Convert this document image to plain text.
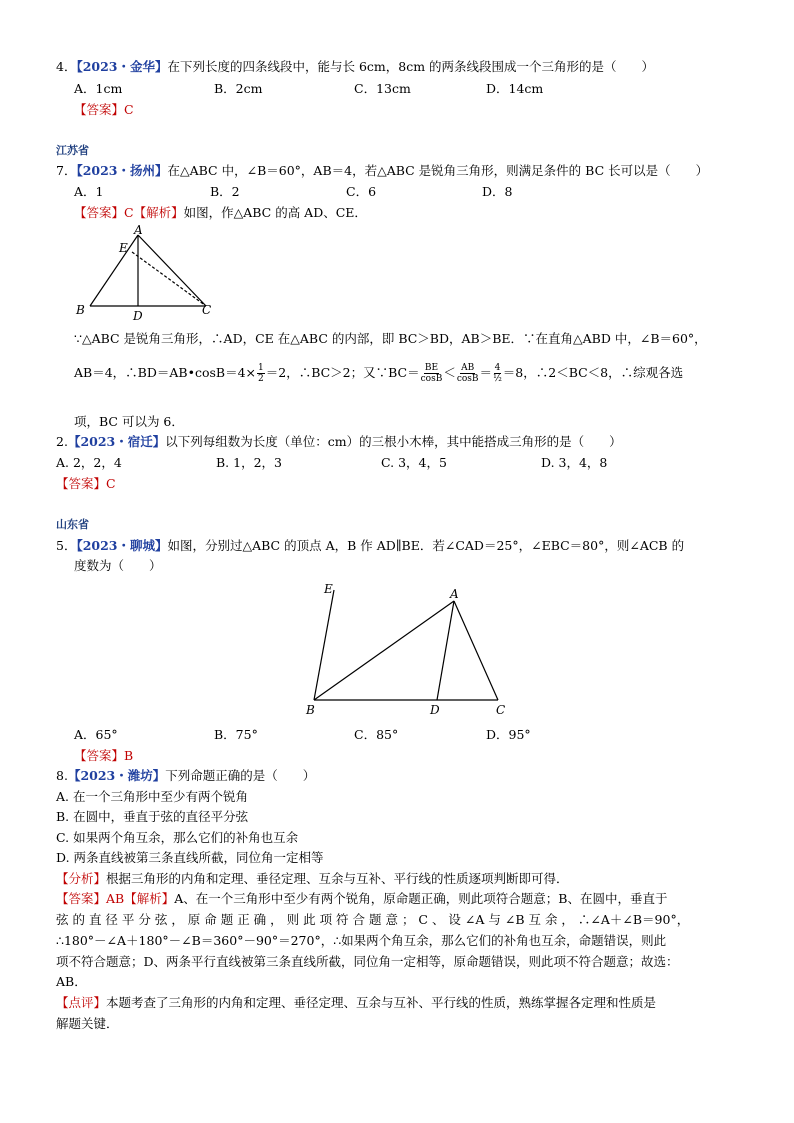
4．【2023・金华】在下列长度的四条线段中，能与长 6cm，8cm 的两条线段围成一个三角形的是（　　）
A．1cm	B．2cm	C．13cm	D．14cm
【答案】C
江苏省
7．【2023・扬州】在△ABC 中，∠B＝60°，AB＝4，若△ABC 是锐角三角形，则满足条件的 BC 长可以是（　　）
A．1	B．2	C．6	D．8
【答案】C【解析】如图，作△ABC 的高 AD、CE．
A
E
B	D	C
∵△ABC 是锐角三角形，∴AD，CE 在△ABC 的内部，即 BC＞BD，AB＞BE．∵在直角△ABD 中，∠B＝60°，
AB＝4，∴BD＝AB•cosB＝4× $\frac{1}{2} =2$，∴BC＞2；又∵BC＝ $\frac{BE}{\cos B} < \frac{AB}{\cos B} = \frac{4}{\text{½}} =8$，∴2＜BC＜8，∴综观各选
项，BC 可以为 6．
2.【2023・宿迁】以下列每组数为长度（单位：cm）的三根小木棒，其中能搭成三角形的是（　　）
A. 2，2，4	B. 1，2，3	C. 3，4，5	D. 3，4，8
【答案】C
山东省
5．【2023・聊城】如图，分别过△ABC 的顶点 A，B 作 AD∥BE．若∠CAD＝25°，∠EBC＝80°，则∠ACB 的
度数为（　　）
E	A
B	D	C
A．65°	B．75°	C．85°	D．95°
【答案】B
8.【2023・潍坊】下列命题正确的是（　　）
A. 在一个三角形中至少有两个锐角
B. 在圆中，垂直于弦的直径平分弦
C. 如果两个角互余，那么它们的补角也互余
D. 两条直线被第三条直线所截，同位角一定相等
【分析】根据三角形的内角和定理、垂径定理、互余与互补、平行线的性质逐项判断即可得．
【答案】AB【解析】A、在一个三角形中至少有两个锐角，原命题正确，则此项符合题意；B、在圆中，垂直于
弦 的 直 径 平 分 弦 ， 原 命 题 正 确 ， 则 此 项 符 合 题 意 ； C 、 设 ∠A 与 ∠B 互 余 ， ∴∠A＋∠B＝90°，
∴180°－∠A＋180°－∠B＝360°－90°＝270°，∴如果两个角互余，那么它们的补角也互余，命题错误，则此
项不符合题意；D、两条平行直线被第三条直线所截，同位角一定相等，原命题错误，则此项不符合题意；故选：
AB．
【点评】本题考查了三角形的内角和定理、垂径定理、互余与互补、平行线的性质，熟练掌握各定理和性质是
解题关键．
